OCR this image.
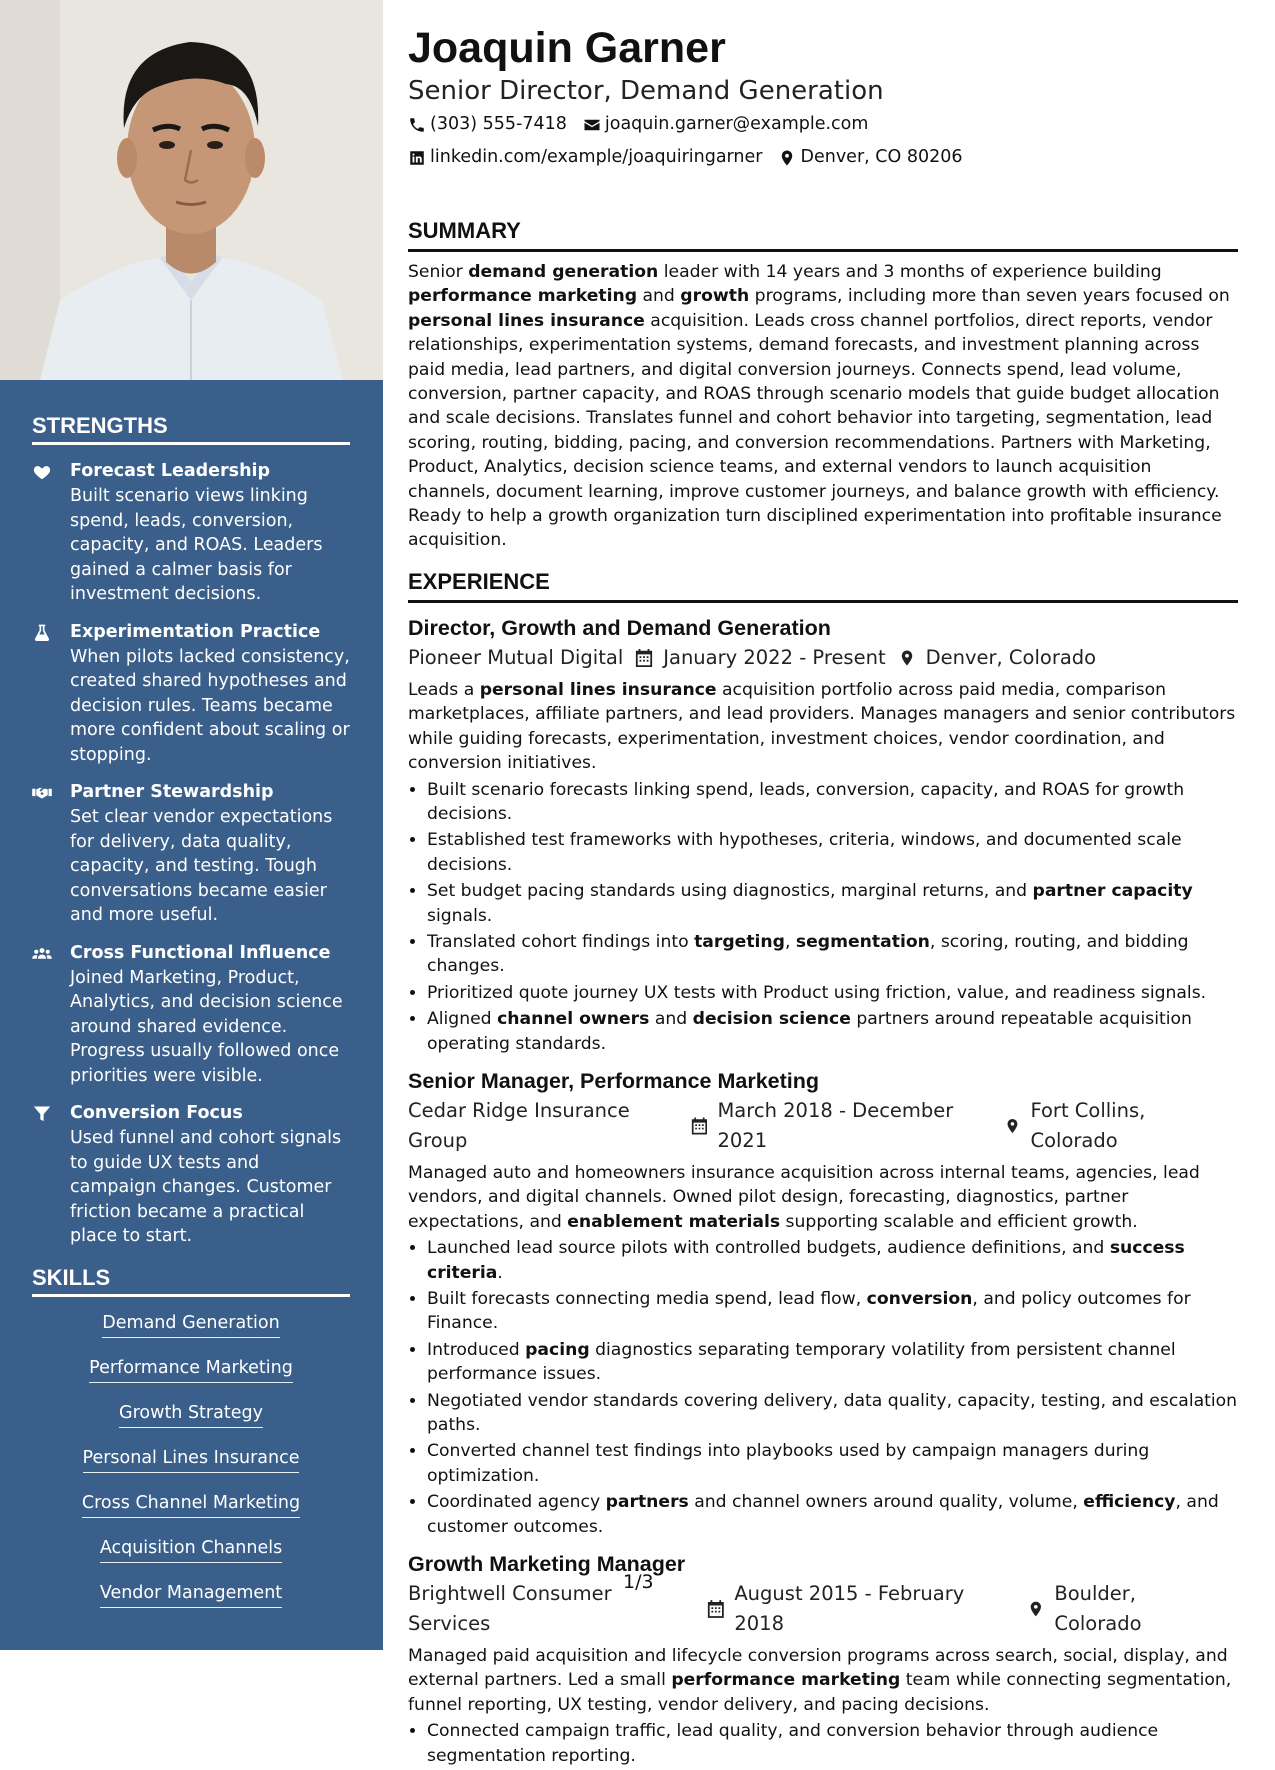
STRENGTHS
Forecast Leadership
Built scenario views linking spend, leads, conversion, capacity, and ROAS. Leaders gained a calmer basis for investment decisions.
Experimentation Practice
When pilots lacked consistency, created shared hypotheses and decision rules. Teams became more confident about scaling or stopping.
Partner Stewardship
Set clear vendor expectations for delivery, data quality, capacity, and testing. Tough conversations became easier and more useful.
Cross Functional Influence
Joined Marketing, Product, Analytics, and decision science around shared evidence. Progress usually followed once priorities were visible.
Conversion Focus
Used funnel and cohort signals to guide UX tests and campaign changes. Customer friction became a practical place to start.
SKILLS
Demand Generation
Performance Marketing
Growth Strategy
Personal Lines Insurance
Cross Channel Marketing
Acquisition Channels
Vendor Management
Joaquin Garner

Senior Director, Demand Generation

(303) 555-7418 joaquin.garner@example.com
linkedin.com/example/joaquiringarner Denver, CO 80206
SUMMARY

Senior demand generation leader with 14 years and 3 months of experience building performance marketing and growth programs, including more than seven years focused on personal lines insurance acquisition. Leads cross channel portfolios, direct reports, vendor relationships, experimentation systems, demand forecasts, and investment planning across paid media, lead partners, and digital conversion journeys. Connects spend, lead volume, conversion, partner capacity, and ROAS through scenario models that guide budget allocation and scale decisions. Translates funnel and cohort behavior into targeting, segmentation, lead scoring, routing, bidding, pacing, and conversion recommendations. Partners with Marketing, Product, Analytics, decision science teams, and external vendors to launch acquisition channels, document learning, improve customer journeys, and balance growth with efficiency. Ready to help a growth organization turn disciplined experimentation into profitable insurance acquisition.

EXPERIENCE
Director, Growth and Demand Generation
Pioneer Mutual Digital January 2022 - Present Denver, Colorado

Leads a personal lines insurance acquisition portfolio across paid media, comparison marketplaces, affiliate partners, and lead providers. Manages managers and senior contributors while guiding forecasts, experimentation, investment choices, vendor coordination, and conversion initiatives.

• Built scenario forecasts linking spend, leads, conversion, capacity, and ROAS for growth decisions.
• Established test frameworks with hypotheses, criteria, windows, and documented scale decisions.
• Set budget pacing standards using diagnostics, marginal returns, and partner capacity signals.
• Translated cohort findings into targeting, segmentation, scoring, routing, and bidding changes.
• Prioritized quote journey UX tests with Product using friction, value, and readiness signals.
• Aligned channel owners and decision science partners around repeatable acquisition operating standards.
Senior Manager, Performance Marketing
Cedar Ridge Insurance Group
March 2018 - December 2021
Fort Collins, Colorado

Managed auto and homeowners insurance acquisition across internal teams, agencies, lead vendors, and digital channels. Owned pilot design, forecasting, diagnostics, partner expectations, and enablement materials supporting scalable and efficient growth.

• Launched lead source pilots with controlled budgets, audience definitions, and success criteria.
• Built forecasts connecting media spend, lead flow, conversion, and policy outcomes for Finance.
• Introduced pacing diagnostics separating temporary volatility from persistent channel performance issues.
• Negotiated vendor standards covering delivery, data quality, capacity, testing, and escalation paths.
• Converted channel test findings into playbooks used by campaign managers during optimization.
• Coordinated agency partners and channel owners around quality, volume, efficiency, and customer outcomes.
Growth Marketing Manager
Brightwell Consumer Services
August 2015 - February 2018
Boulder, Colorado

Managed paid acquisition and lifecycle conversion programs across search, social, display, and external partners. Led a small performance marketing team while connecting segmentation, funnel reporting, UX testing, vendor delivery, and pacing decisions.

• Connected campaign traffic, lead quality, and conversion behavior through audience segmentation reporting.
1/3
